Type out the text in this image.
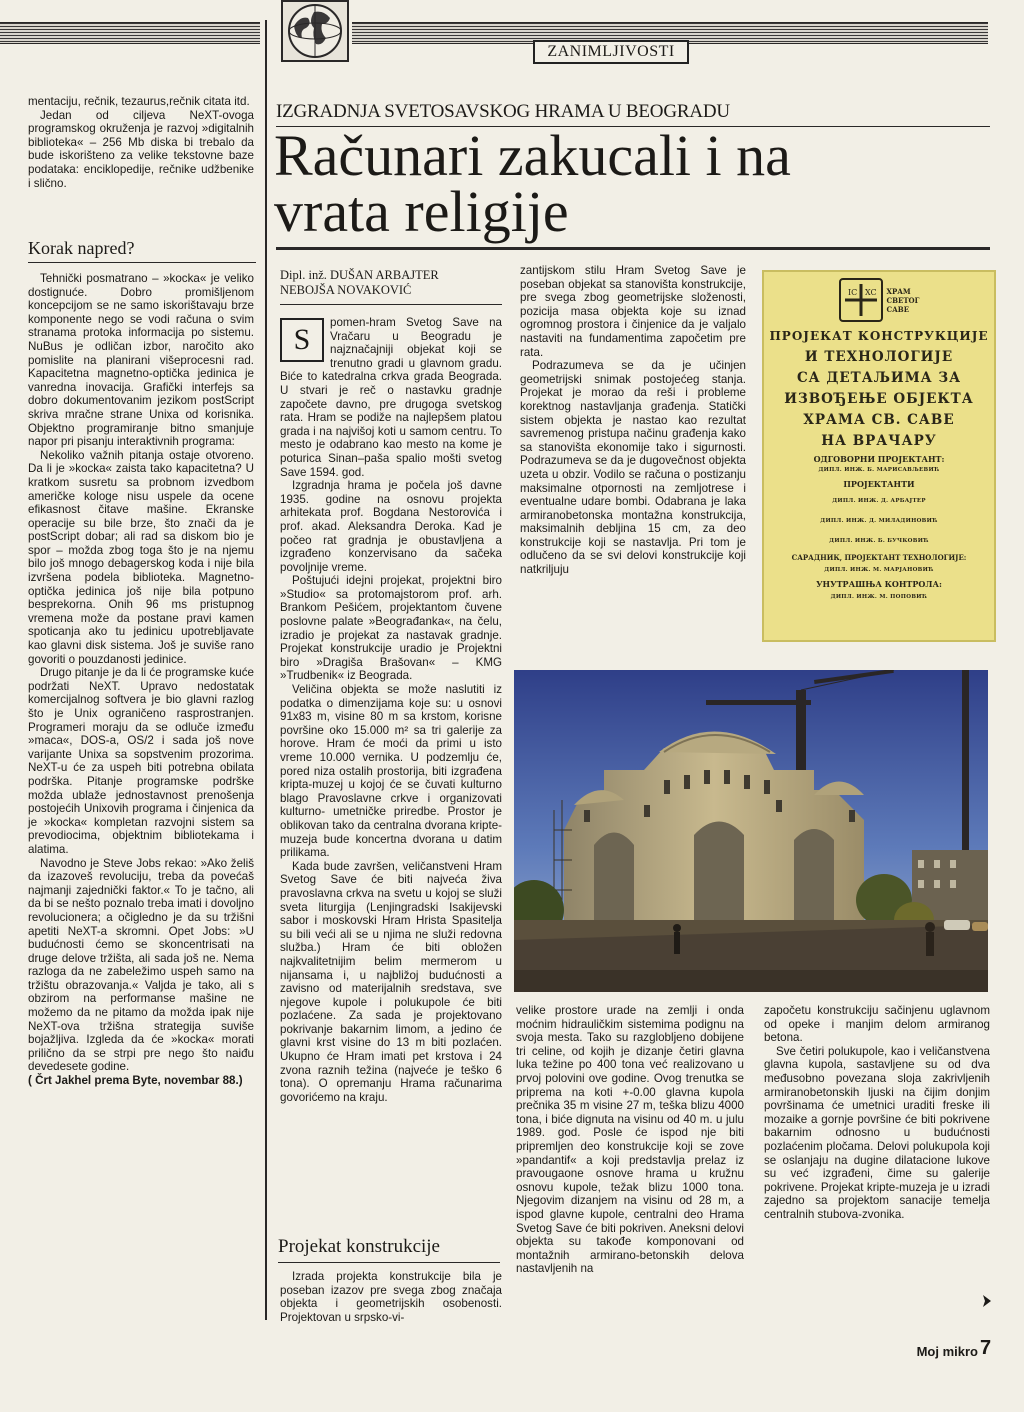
ZANIMLJIVOSTI

mentaciju, rečnik, tezaurus,rečnik citata itd.

Jedan od ciljeva NeXT-ovoga programskog okruženja je razvoj »digitalnih biblioteka« – 256 Mb diska bi trebalo da bude iskorišteno za velike tekstovne baze podataka: enciklopedije, rečnike udžbenike i slično.

Korak napred?

Tehnički posmatrano – »kocka« je veliko dostignuće. Dobro promišljenom koncepcijom se ne samo iskorištavaju brze komponente nego se vodi računa o svim stranama protoka informacija po sistemu. NuBus je odličan izbor, naročito ako pomislite na planirani višeprocesni rad. Kapacitetna magnetno-optička jedinica je vanredna inovacija. Grafički interfejs sa dobro dokumentovanim jezikom postScript skriva mračne strane Unixa od korisnika. Objektno programiranje bitno smanjuje napor pri pisanju interaktivnih programa:

Nekoliko važnih pitanja ostaje otvoreno. Da li je »kocka« zaista tako kapacitetna? U kratkom susretu sa probnom izvedbom američke kologe nisu uspele da ocene efikasnost čitave mašine. Ekranske operacije su bile brze, što znači da je postScript dobar; ali rad sa diskom bio je spor – možda zbog toga što je na njemu bilo još mnogo debagerskog koda i nije bila izvršena podela biblioteka. Magnetno-optička jedinica još nije bila potpuno besprekorna. Onih 96 ms pristupnog vremena može da postane pravi kamen spoticanja ako tu jedinicu upotrebljavate kao glavni disk sistema. Još je suviše rano govoriti o pouzdanosti jedinice.

Drugo pitanje je da li će programske kuće podržati NeXT. Upravo nedostatak komercijalnog softvera je bio glavni razlog što je Unix ograničeno rasprostranjen. Programeri moraju da se odluče između »maca«, DOS-a, OS/2 i sada još nove varijante Unixa sa sopstvenim prozorima. NeXT-u će za uspeh biti potrebna obilata podrška. Pitanje programske podrške možda ublaže jednostavnost prenošenja postojećih Unixovih programa i činjenica da je »kocka« kompletan razvojni sistem sa prevodiocima, objektnim bibliotekama i alatima.

Navodno je Steve Jobs rekao: »Ako želiš da izazoveš revoluciju, treba da povećaš najmanji zajednički faktor.« To je tačno, ali da bi se nešto poznalo treba imati i dovoljno revolucionera; a očigledno je da su tržišni apetiti NeXT-a skromni. Opet Jobs: »U budućnosti ćemo se skoncentrisati na druge delove tržišta, ali sada još ne. Nema razloga da ne zabeležimo uspeh samo na tržištu obrazovanja.« Valjda je tako, ali s obzirom na performanse mašine ne možemo da ne pitamo da možda ipak nije NeXT-ova tržišna strategija suviše bojažljiva. Izgleda da će »kocka« morati prilično da se strpi pre nego što naiđu devedesete godine.

( Črt Jakhel prema Byte, novembar 88.)

IZGRADNJA SVETOSAVSKOG HRAMA U BEOGRADU
Računari zakucali i na
vrata religije
Dipl. inž. DUŠAN ARBAJTER
NEBOJŠA NOVAKOVIĆ

S
pomen-hram Svetog Save na Vračaru u Beogradu je najznačajniji objekat koji se trenutno gradi u glavnom gradu. Biće to katedralna crkva grada Beograda. U stvari je reč o nastavku gradnje započete davno, pre drugoga svetskog rata. Hram se podiže na najlepšem platou grada i na najvišoj koti u samom centru. To mesto je odabrano kao mesto na kome je poturica Sinan–paša spalio mošti svetog Save 1594. god.

Izgradnja hrama je počela još davne 1935. godine na osnovu projekta arhitekata prof. Bogdana Nestorovića i prof. akad. Aleksandra Deroka. Kad je počeo rat gradnja je obustavljena a izgrađeno konzervisano da sačeka povoljnije vreme.

Poštujući idejni projekat, projektni biro »Studio« sa protomajstorom prof. arh. Brankom Pešićem, projektantom čuvene poslovne palate »Beograđanka«, na čelu, izradio je projekat za nastavak gradnje. Projekat konstrukcije uradio je Projektni biro »Dragiša Brašovan« – KMG »Trudbenik« iz Beograda.

Veličina objekta se može naslutiti iz podatka o dimenzijama koje su: u osnovi 91x83 m, visine 80 m sa krstom, korisne površine oko 15.000 m² sa tri galerije za horove. Hram će moći da primi u isto vreme 10.000 vernika. U podzemlju će, pored niza ostalih prostorija, biti izgrađena kripta-muzej u kojoj će se čuvati kulturno blago Pravoslavne crkve i organizovati kulturno- umetničke priredbe. Prostor je oblikovan tako da centralna dvorana kripte-muzeja bude koncertna dvorana u datim prilikama.

Kada bude završen, veličanstveni Hram Svetog Save će biti najveća živa pravoslavna crkva na svetu u kojoj se služi sveta liturgija (Lenjingradski Isakijevski sabor i moskovski Hram Hrista Spasitelja su bili veći ali se u njima ne služi redovna služba.) Hram će biti obložen najkvalitetnijim belim mermerom u nijansama i, u najbližoj budućnosti a zavisno od materijalnih sredstava, sve njegove kupole i polukupole će biti pozlaćene. Za sada je projektovano pokrivanje bakarnim limom, a jedino će glavni krst visine do 13 m biti pozlaćen. Ukupno će Hram imati pet krstova i 24 zvona raznih težina (najveće je teško 6 tona). O opremanju Hrama računarima govorićemo na kraju.

Projekat konstrukcije

Izrada projekta konstrukcije bila je poseban izazov pre svega zbog značaja objekta i geometrijskih osobenosti. Projektovan u srpsko-vi-

zantijskom stilu Hram Svetog Save je poseban objekat sa stanovišta konstrukcije, pre svega zbog geometrijske složenosti, pozicija masa objekta koje su iznad ogromnog prostora i činjenice da je valjalo nastaviti na fundamentima započetim pre rata.

Podrazumeva se da je učinjen geometrijski snimak postojećeg stanja. Projekat je morao da reši i probleme korektnog nastavljanja građenja. Statički sistem objekta je nastao kao rezultat savremenog pristupa načinu građenja kako sa stanovišta ekonomije tako i sigurnosti. Podrazumeva se da je dugovečnost objekta uzeta u obzir. Vodilo se računa o postizanju maksimalne otpornosti na zemljotrese i eventualne udare bombi. Odabrana je laka armiranobetonska montažna konstrukcija, maksimalnih debljina 15 cm, za deo konstrukcije koji se nastavlja. Pri tom je odlučeno da se svi delovi konstrukcije koji natkriljuju

IC XC ХРАМ
СВЕТОГ
САВЕ
ПРОЈЕКАТ КОНСТРУКЦИЈЕ
И ТЕХНОЛОГИЈЕ
СА ДЕТАЉИМА ЗА
ИЗВОЂЕЊЕ ОБЈЕКТА
ХРАМА СВ. САВЕ
НА ВРАЧАРУ
ОДГОВОРНИ ПРОЈЕКТАНТ:
ДИПЛ. ИНЖ. Б. МАРИСАВЉЕВИЋ
ПРОЈЕКТАНТИ
ДИПЛ. ИНЖ. Д. АРБАЈТЕР
ДИПЛ. ИНЖ. Д. МИЛАДИНОВИЋ
ДИПЛ. ИНЖ. Б. БУЧКОВИЋ
САРАДНИК, ПРОЈЕКТАНТ ТЕХНОЛОГИЈЕ:
ДИПЛ. ИНЖ. М. МАРЈАНОВИЋ
УНУТРАШЊА КОНТРОЛА:
ДИПЛ. ИНЖ. М. ПОПОВИЋ

velike prostore urade na zemlji i onda moćnim hidrauličkim sistemima podignu na svoja mesta. Tako su razgloblјeno dobijene tri celine, od kojih je dizanje četiri glavna luka težine po 400 tona već realizovano u prvoj polovini ove godine. Ovog trenutka se priprema na koti +-0.00 glavna kupola prečnika 35 m visine 27 m, teška blizu 4000 tona, i biće dignuta na visinu od 40 m. u julu 1989. god. Posle će ispod nje biti pripremljen deo konstrukcije koji se zove »pandantif« a koji predstavlja prelaz iz pravougaone osnove hrama u kružnu osnovu kupole, težak blizu 1000 tona. Njegovim dizanjem na visinu od 28 m, a ispod glavne kupole, centralni deo Hrama Svetog Save će biti pokriven. Aneksni delovi objekta su takođe komponovani od montažnih armirano-betonskih delova nastavljenih na

započetu konstrukciju sačinjenu uglavnom od opeke i manjim delom armiranog betona.

Sve četiri polukupole, kao i veličanstvena glavna kupola, sastavljene su od dva međusobno povezana sloja zakrivljenih armiranobetonskih ljuski na čijim donjim površinama će umetnici uraditi freske ili mozaike a gornje površine će biti pokrivene bakarnim odnosno u budućnosti pozlaćenim pločama. Delovi polukupola koji se oslanjaju na dugine dilatacione lukove su već izgrađeni, čime su galerije pokrivene. Projekat kripte-muzeja je u izradi zajedno sa projektom sanacije temelja centralnih stubova-zvonika.

Moj mikro 7
